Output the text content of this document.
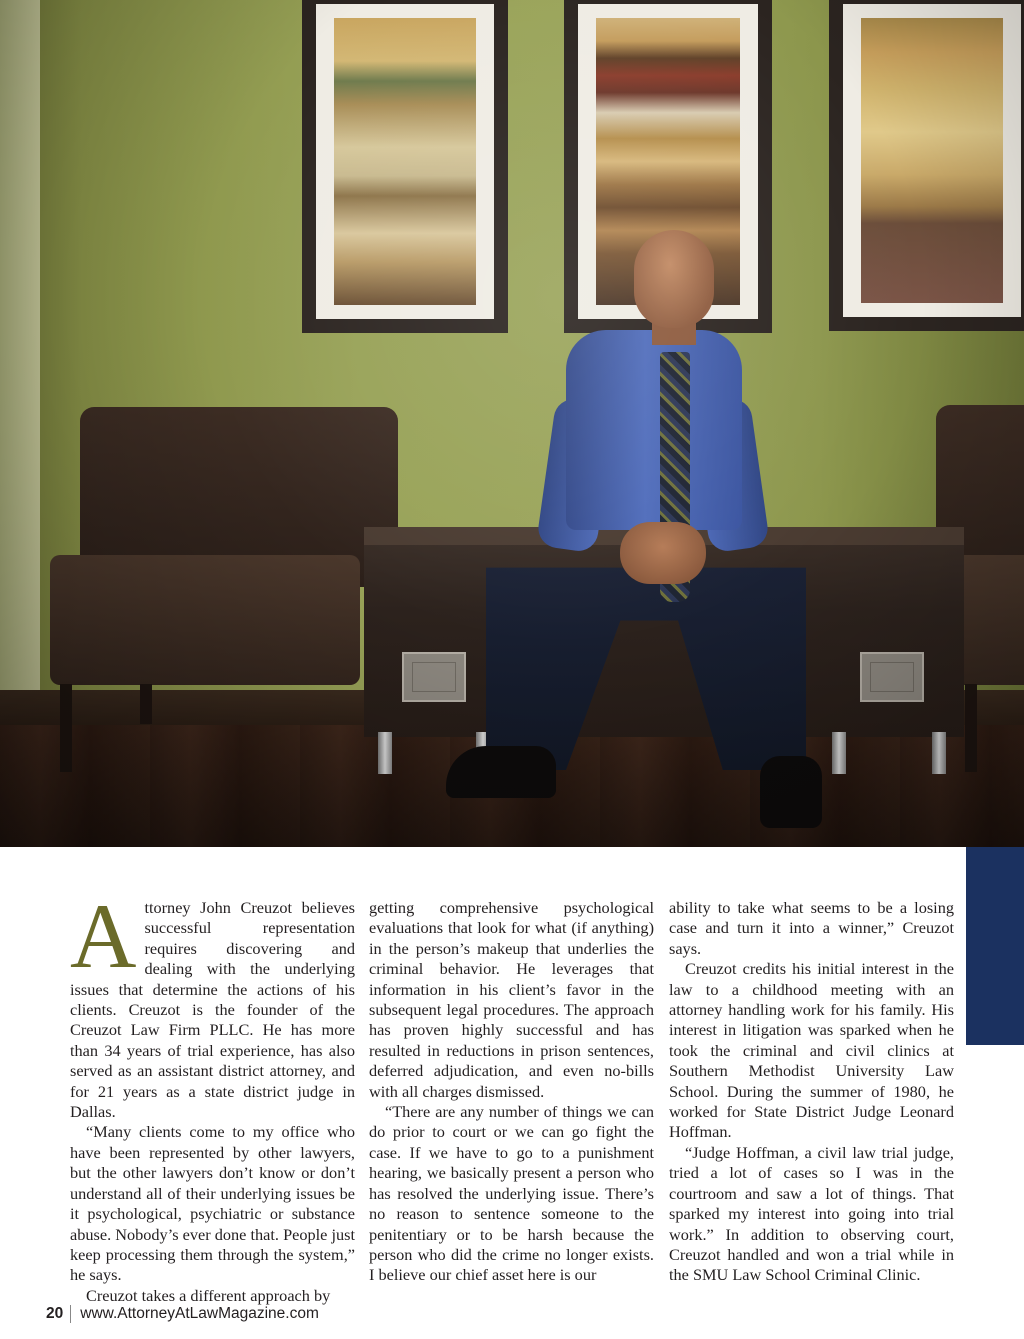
Attorney John Creuzot believes successful representation requires discovering and dealing with the underlying issues that determine the actions of his clients. Creuzot is the founder of the Creuzot Law Firm PLLC. He has more than 34 years of trial experience, has also served as an assistant district attorney, and for 21 years as a state district judge in Dallas.

“Many clients come to my office who have been represented by other lawyers, but the other lawyers don’t know or don’t understand all of their underlying issues be it psychological, psychiatric or substance abuse. Nobody’s ever done that. People just keep processing them through the system,” he says.

Creuzot takes a different approach by

getting comprehensive psychological evaluations that look for what (if anything) in the person’s makeup that underlies the criminal behavior. He leverages that information in his client’s favor in the subsequent legal procedures. The approach has proven highly successful and has resulted in reductions in prison sentences, deferred adjudication, and even no-bills with all charges dismissed.

“There are any number of things we can do prior to court or we can go fight the case. If we have to go to a punishment hearing, we basically present a person who has resolved the underlying issue. There’s no reason to sentence someone to the penitentiary or to be harsh because the person who did the crime no longer exists. I believe our chief asset here is our

ability to take what seems to be a losing case and turn it into a winner,” Creuzot says.

Creuzot credits his initial interest in the law to a childhood meeting with an attorney handling work for his family. His interest in litigation was sparked when he took the criminal and civil clinics at Southern Methodist University Law School. During the summer of 1980, he worked for State District Judge Leonard Hoffman.

“Judge Hoffman, a civil law trial judge, tried a lot of cases so I was in the courtroom and saw a lot of things. That sparked my interest into going into trial work.” In addition to observing court, Creuzot handled and won a trial while in the SMU Law School Criminal Clinic.

20 www.AttorneyAtLawMagazine.com
